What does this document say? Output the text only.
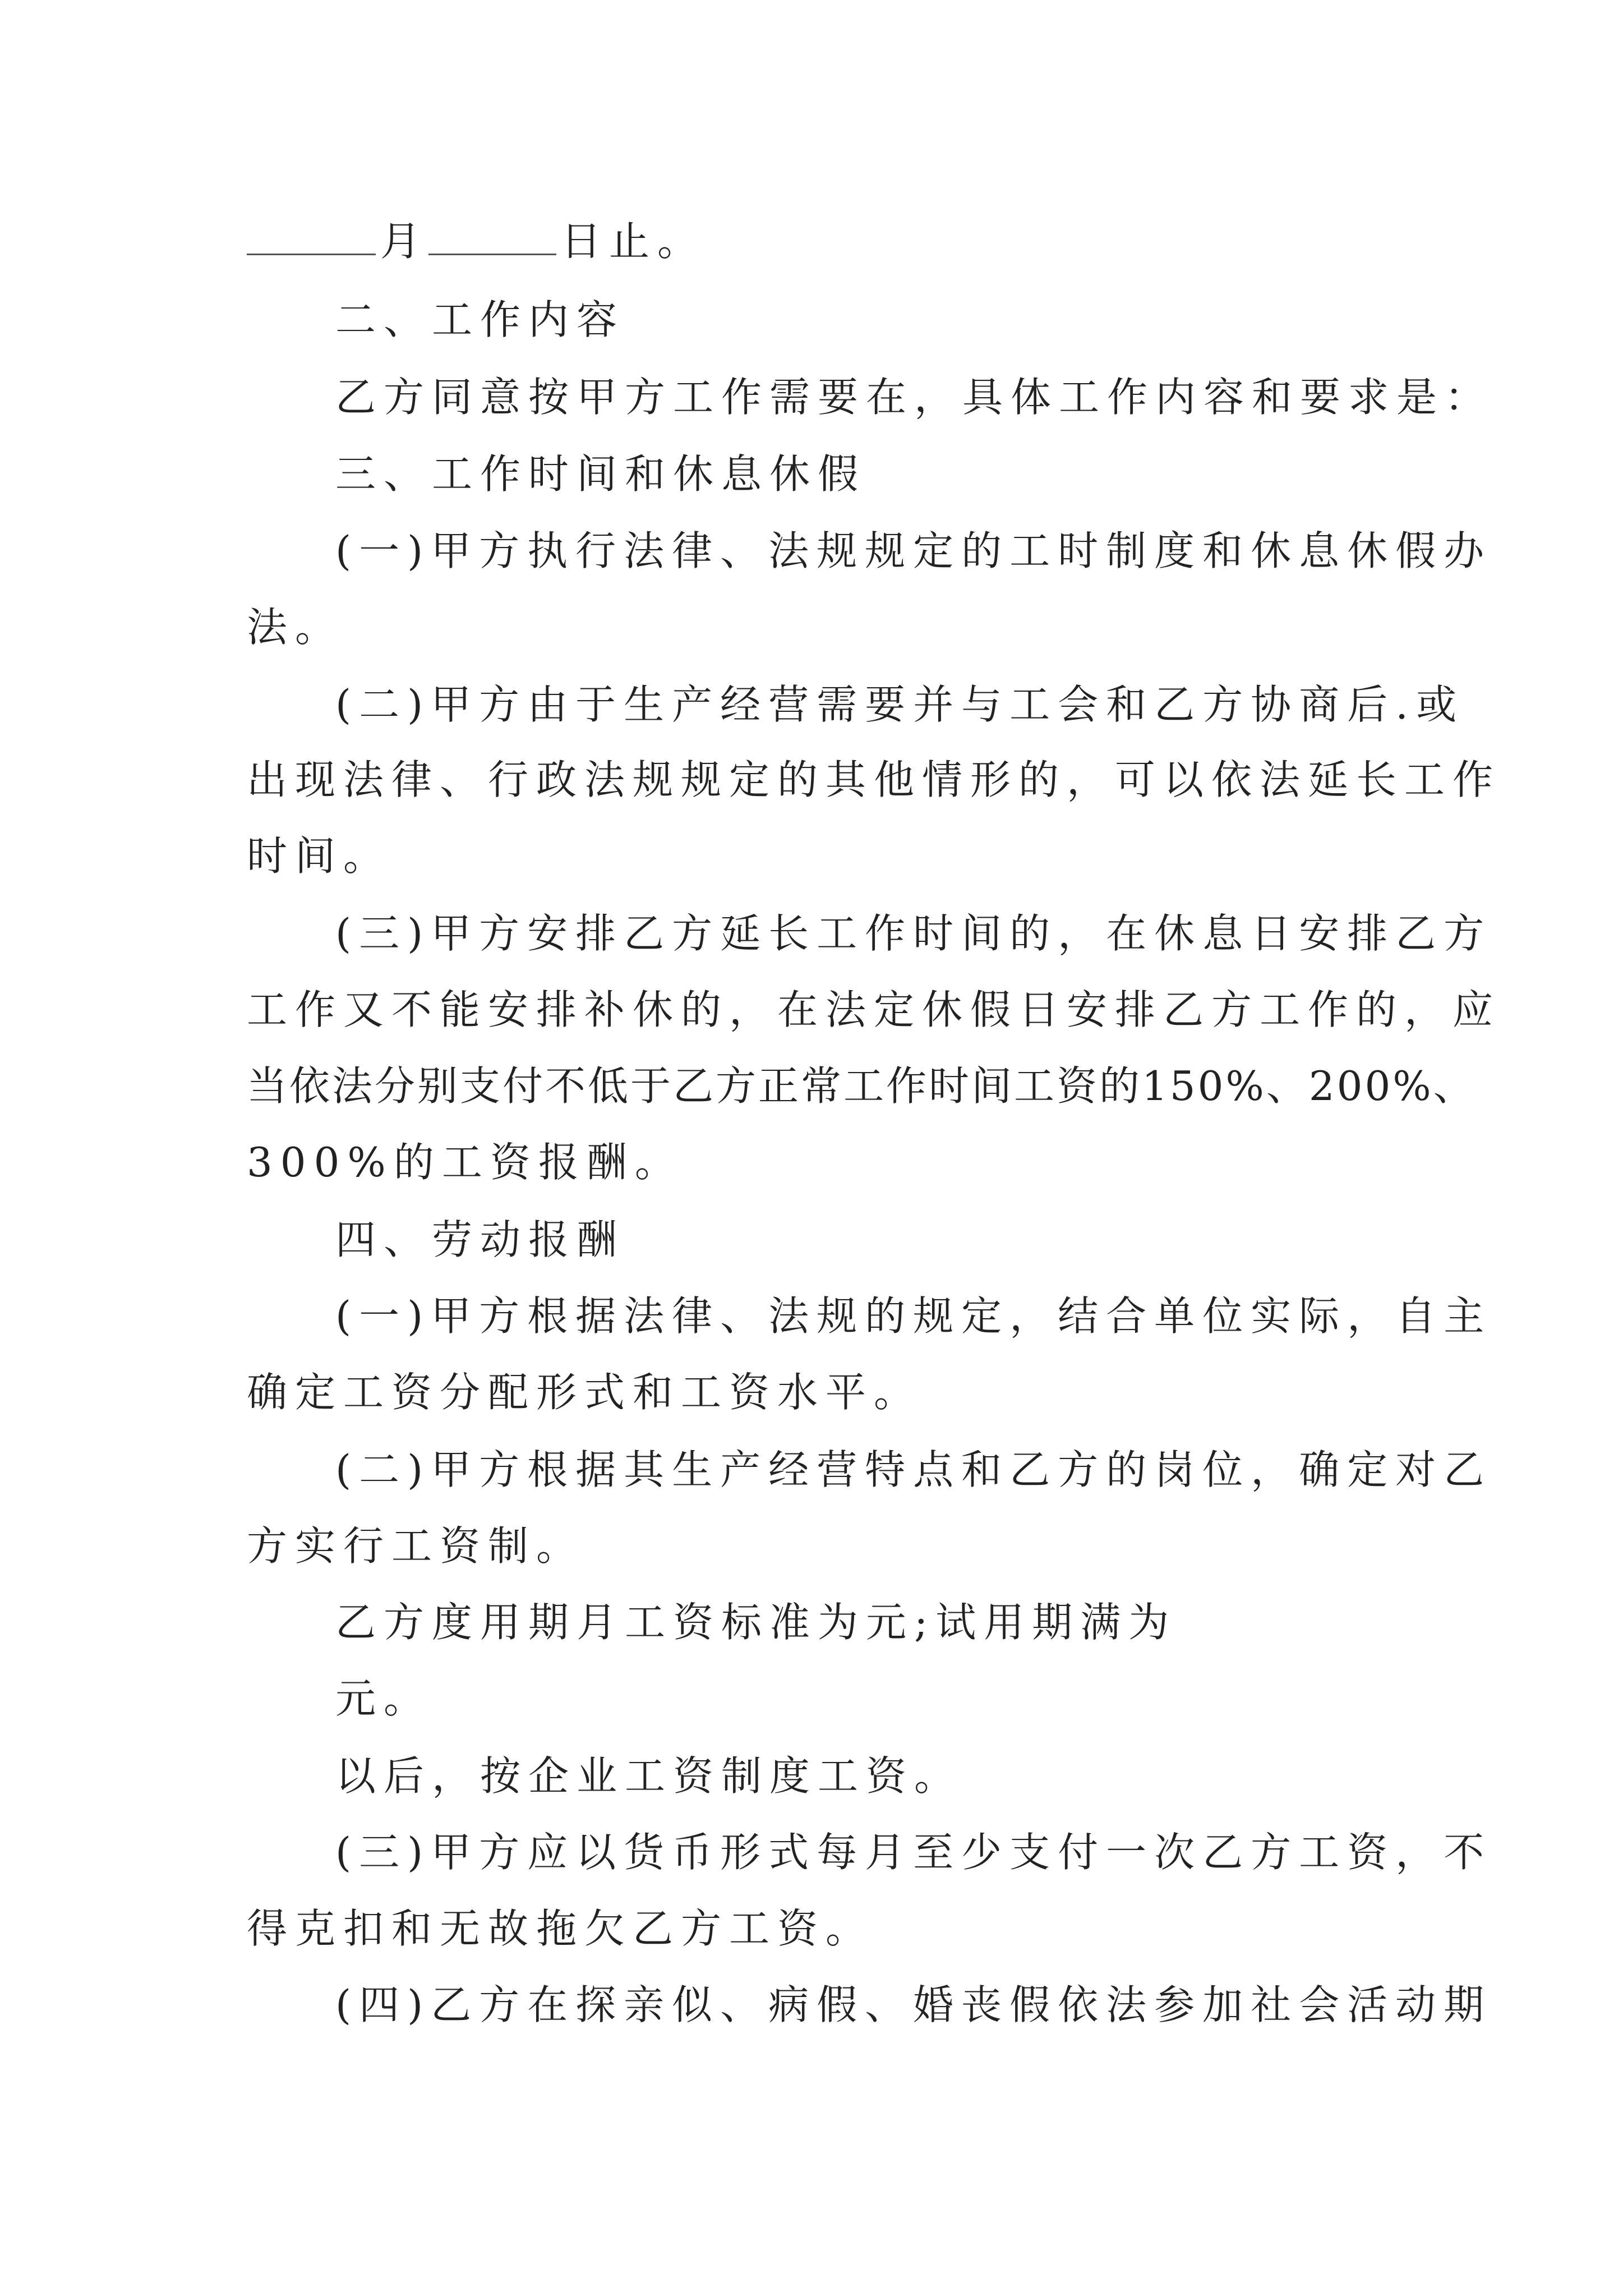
月	日止。
二、工作内容
乙方同意按甲方工作需要在，具体工作内容和要求是：
三、工作时间和休息休假
(一)甲方执行法律、法规规定的工时制度和休息休假办
法。
(二)甲方由于生产经营需要并与工会和乙方协商后.或
出现法律、行政法规规定的其他情形的，可以依法延长工作
时间。
(三)甲方安排乙方延长工作时间的，在休息日安排乙方
工作又不能安排补休的，在法定休假日安排乙方工作的，应
当依法分别支付不低于乙方正常工作时间工资的150%、200%、
300%的工资报酬。
四、劳动报酬
(一)甲方根据法律、法规的规定，结合单位实际，自主
确定工资分配形式和工资水平。
(二)甲方根据其生产经营特点和乙方的岗位，确定对乙
方实行工资制。
乙方度用期月工资标准为元;试用期满为
元。
以后，按企业工资制度工资。
(三)甲方应以货币形式每月至少支付一次乙方工资，不
得克扣和无故拖欠乙方工资。
(四)乙方在探亲似、病假、婚丧假依法参加社会活动期
